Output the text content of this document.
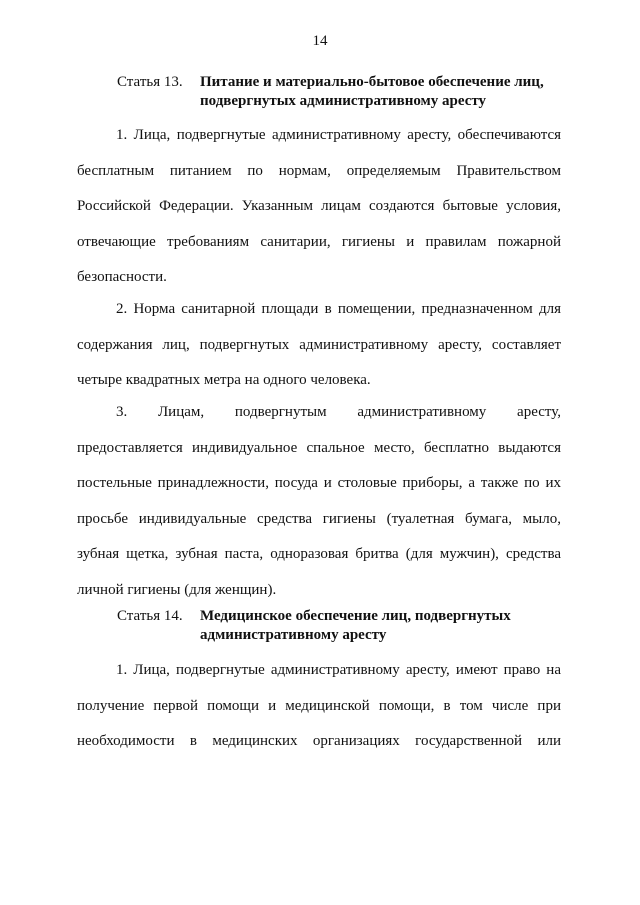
14
Статья 13. Питание и материально-бытовое обеспечение лиц, подвергнутых административному аресту

1. Лица, подвергнутые административному аресту, обеспечиваются бесплатным питанием по нормам, определяемым Правительством Российской Федерации. Указанным лицам создаются бытовые условия, отвечающие требованиям санитарии, гигиены и правилам пожарной безопасности.

2. Норма санитарной площади в помещении, предназначенном для содержания лиц, подвергнутых административному аресту, составляет четыре квадратных метра на одного человека.

3. Лицам, подвергнутым административному аресту, предоставляется индивидуальное спальное место, бесплатно выдаются постельные принадлежности, посуда и столовые приборы, а также по их просьбе индивидуальные средства гигиены (туалетная бумага, мыло, зубная щетка, зубная паста, одноразовая бритва (для мужчин), средства личной гигиены (для женщин).

Статья 14. Медицинское обеспечение лиц, подвергнутых административному аресту

1. Лица, подвергнутые административному аресту, имеют право на получение первой помощи и медицинской помощи, в том числе при необходимости в медицинских организациях государственной или
